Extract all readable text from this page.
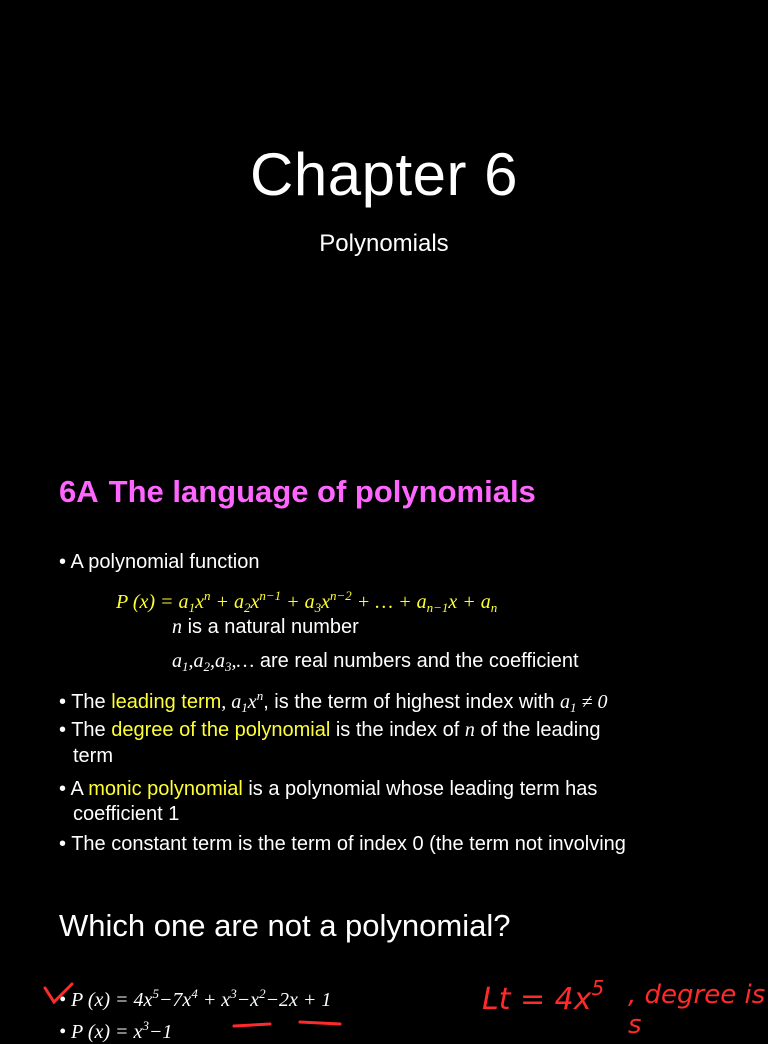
Chapter 6
Polynomials
6A The language of polynomials
• A polynomial function
P $(x) = a_1x^n + a_2x^{n-1} + a_3x^{n-2}$ + … + $a_{n-1}x + a_n$
n is a natural number
$a_1,a_2,a_3,\dots$ are real numbers and the coefficient
• The leading term, $a_1x^n$, is the term of highest index with $a_1 \ne 0$
• The degree of the polynomial is the index of n of the leading
term
• A monic polynomial is a polynomial whose leading term has
coefficient 1
• The constant term is the term of index 0 (the term not involving
Which one are not a polynomial?
• P $(x) = 4x^5-7x^4 + x^3-x^2-2x + 1$
• P $(x) = x^3-1$
$Lt = 4x^5$ , degree is s
